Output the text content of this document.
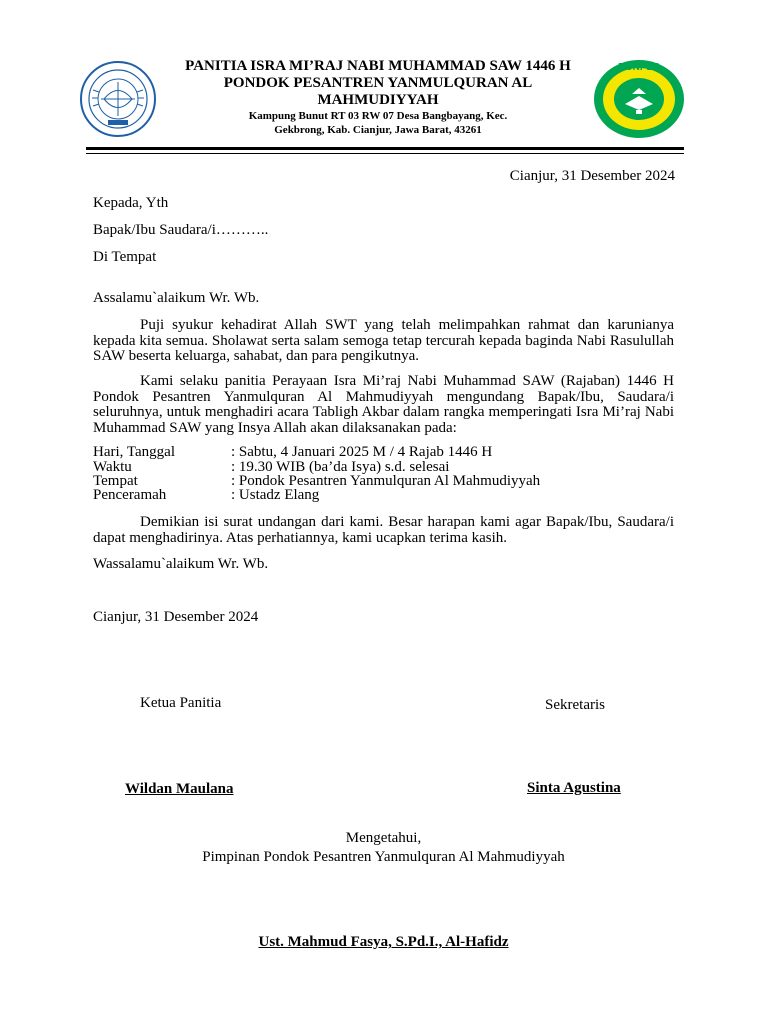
PONPES
PANITIA ISRA MI’RAJ NABI MUHAMMAD SAW 1446 H
PONDOK PESANTREN YANMULQURAN AL
MAHMUDIYYAH
Kampung Bunut RT 03 RW 07 Desa Bangbayang, Kec.
Gekbrong, Kab. Cianjur, Jawa Barat, 43261
Cianjur, 31 Desember 2024
Kepada, Yth
Bapak/Ibu Saudara/i………..
Di Tempat
Assalamu`alaikum Wr. Wb.
Puji syukur kehadirat Allah SWT yang telah melimpahkan rahmat dan karunianya kepada kita semua. Sholawat serta salam semoga tetap tercurah kepada baginda Nabi Rasulullah SAW beserta keluarga, sahabat, dan para pengikutnya.
Kami selaku panitia Perayaan Isra Mi’raj Nabi Muhammad SAW (Rajaban) 1446 H Pondok Pesantren Yanmulquran Al Mahmudiyyah mengundang Bapak/Ibu, Saudara/i seluruhnya, untuk menghadiri acara Tabligh Akbar dalam rangka memperingati Isra Mi’raj Nabi Muhammad SAW yang Insya Allah akan dilaksanakan pada:
Hari, Tanggal	: Sabtu, 4 Januari 2025 M / 4 Rajab 1446 H
Waktu	: 19.30 WIB (ba’da Isya) s.d. selesai
Tempat	: Pondok Pesantren Yanmulquran Al Mahmudiyyah
Penceramah	: Ustadz Elang
Demikian isi surat undangan dari kami. Besar harapan kami agar Bapak/Ibu, Saudara/i dapat menghadirinya. Atas perhatiannya, kami ucapkan terima kasih.
Wassalamu`alaikum Wr. Wb.
Cianjur, 31 Desember 2024
Ketua Panitia	Sekretaris
Wildan Maulana	Sinta Agustina
Mengetahui,
Pimpinan Pondok Pesantren Yanmulquran Al Mahmudiyyah
Ust. Mahmud Fasya, S.Pd.I., Al-Hafidz
